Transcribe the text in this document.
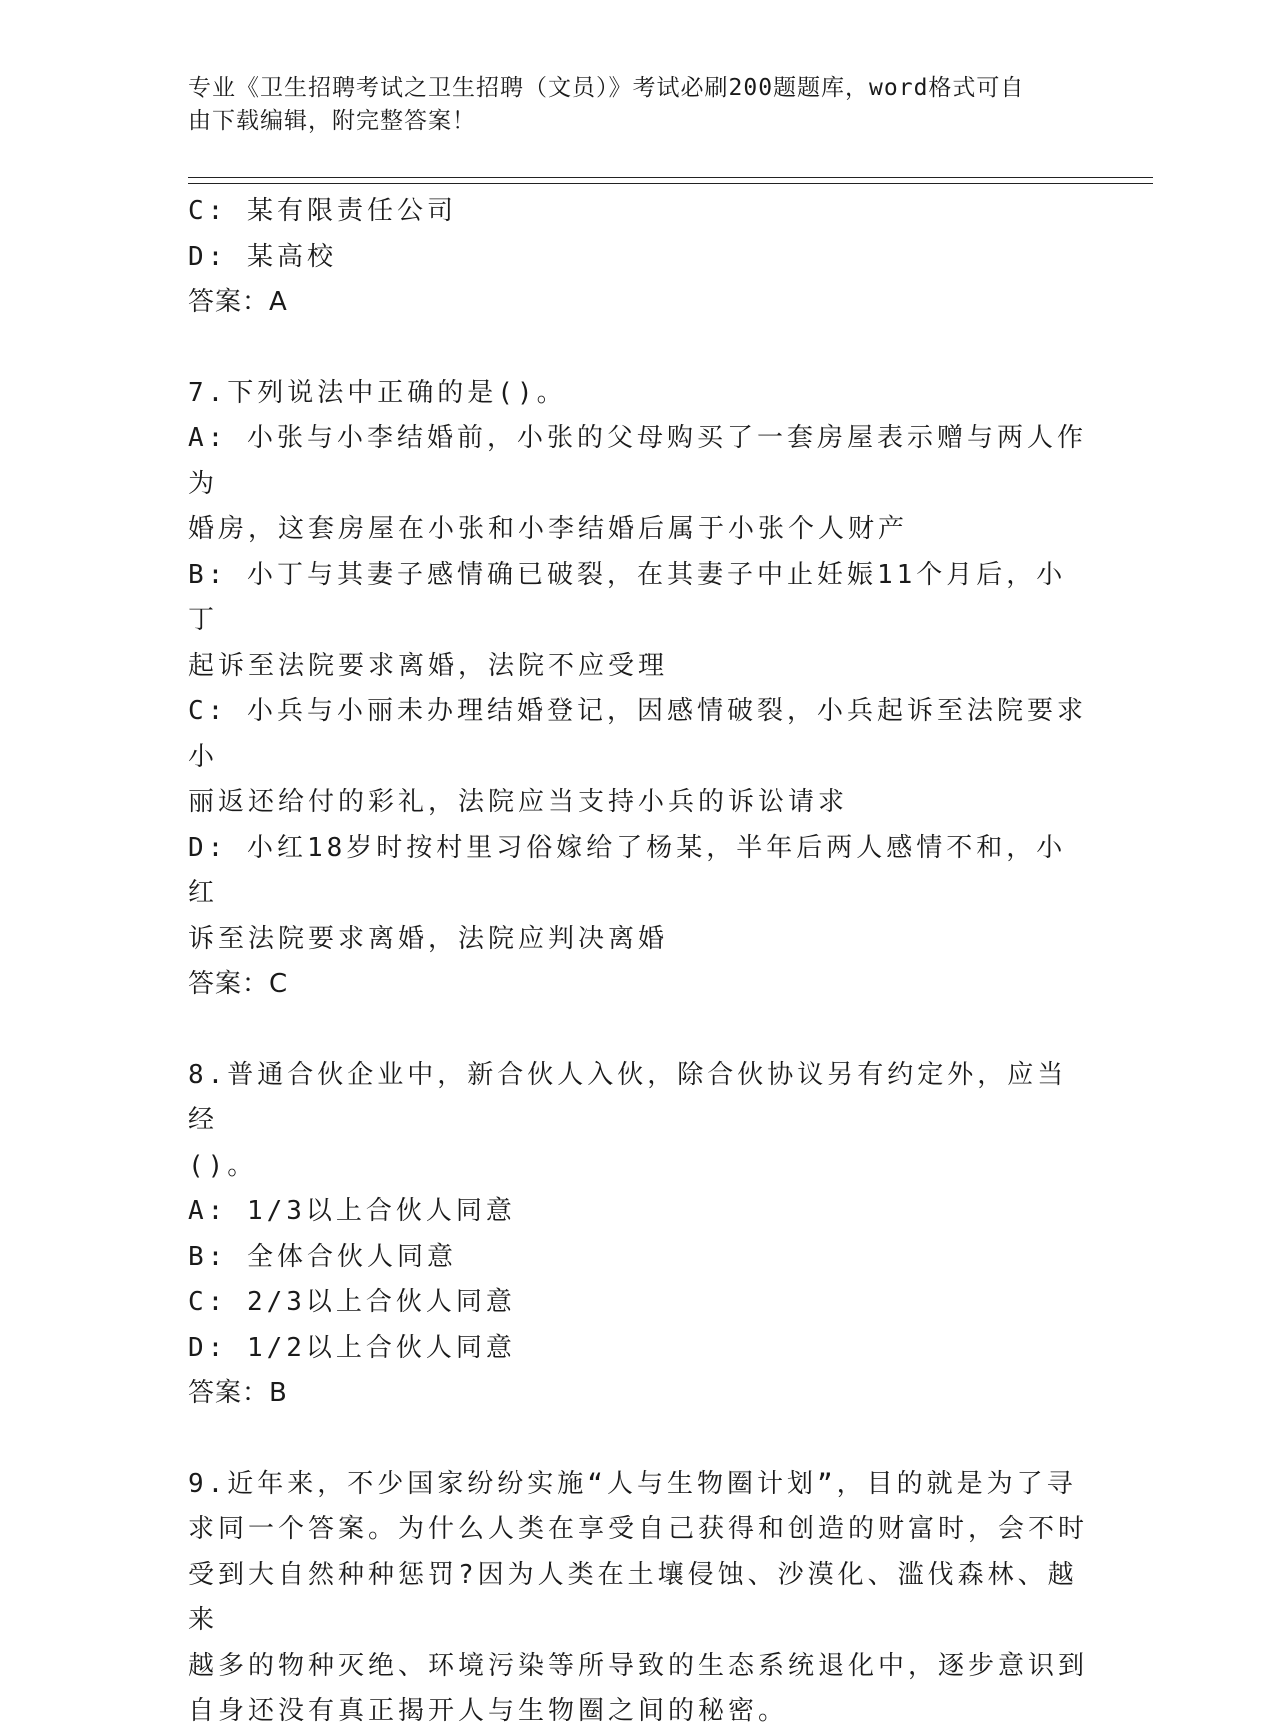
专业《卫生招聘考试之卫生招聘（文员）》考试必刷200题题库，word格式可自
由下载编辑，附完整答案！

C: 某有限责任公司

D: 某高校

答案：A

7.下列说法中正确的是()。

A: 小张与小李结婚前，小张的父母购买了一套房屋表示赠与两人作为

婚房，这套房屋在小张和小李结婚后属于小张个人财产

B: 小丁与其妻子感情确已破裂，在其妻子中止妊娠11个月后，小丁

起诉至法院要求离婚，法院不应受理

C: 小兵与小丽未办理结婚登记，因感情破裂，小兵起诉至法院要求小

丽返还给付的彩礼，法院应当支持小兵的诉讼请求

D: 小红18岁时按村里习俗嫁给了杨某，半年后两人感情不和，小红

诉至法院要求离婚，法院应判决离婚

答案：C

8.普通合伙企业中，新合伙人入伙，除合伙协议另有约定外，应当经

()。

A: 1/3以上合伙人同意

B: 全体合伙人同意

C: 2/3以上合伙人同意

D: 1/2以上合伙人同意

答案：B

9.近年来，不少国家纷纷实施“人与生物圈计划”，目的就是为了寻

求同一个答案。为什么人类在享受自己获得和创造的财富时，会不时

受到大自然种种惩罚?因为人类在土壤侵蚀、沙漠化、滥伐森林、越来

越多的物种灭绝、环境污染等所导致的生态系统退化中，逐步意识到

自身还没有真正揭开人与生物圈之间的秘密。
